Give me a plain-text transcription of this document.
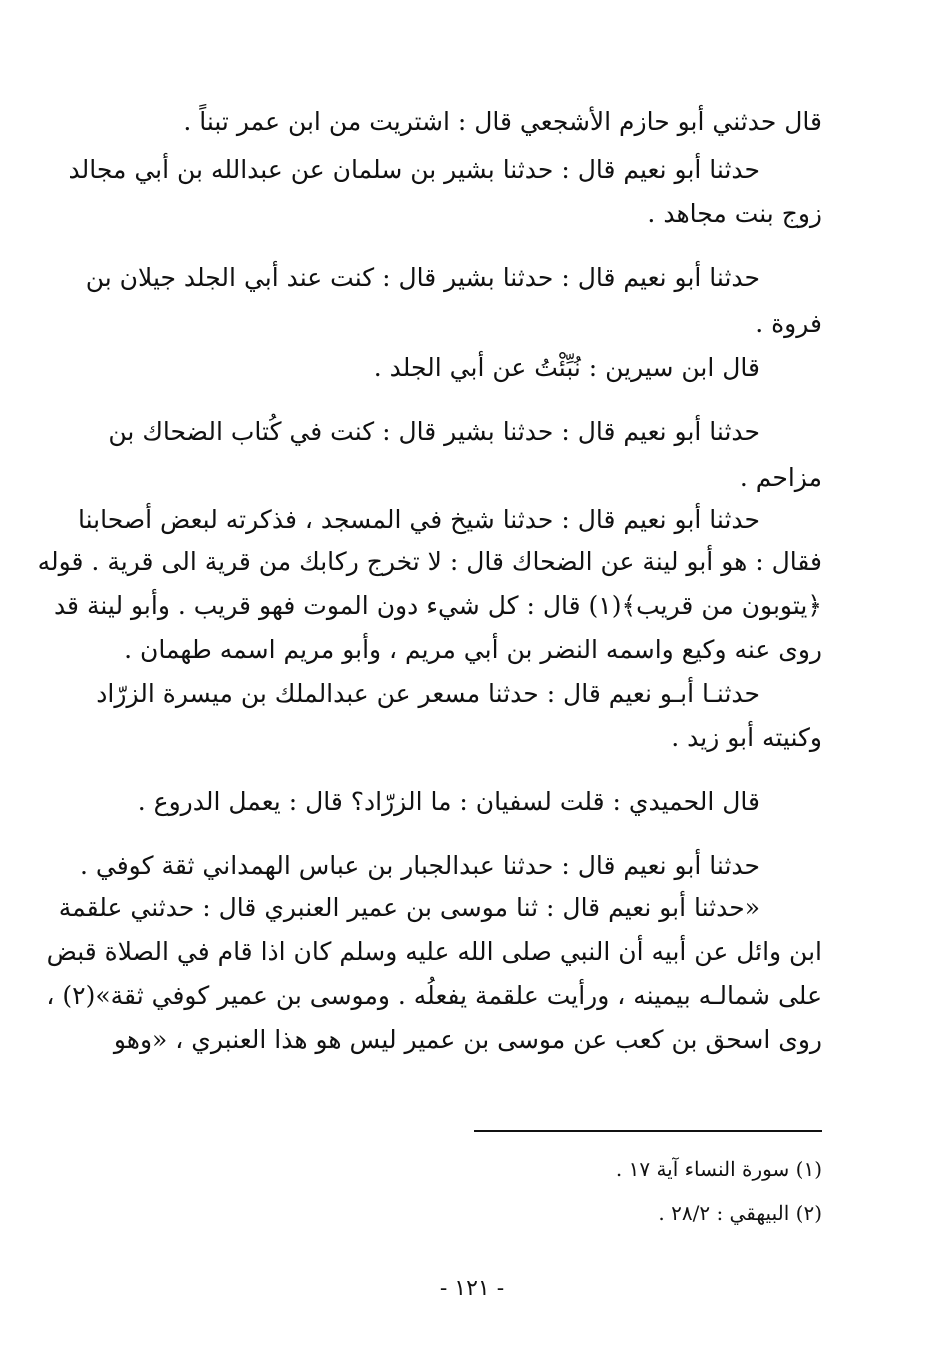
قال حدثني أبو حازم الأشجعي قال : اشتريت من ابن عمر تبناً .
حدثنا أبو نعيم قال : حدثنا بشير بن سلمان عن عبدالله بن أبي مجالد
زوج بنت مجاهد .
حدثنا أبو نعيم قال : حدثنا بشير قال : كنت عند أبي الجلد جيلان بن
فروة .
قال ابن سيرين : نُبِّئْتُ عن أبي الجلد .
حدثنا أبو نعيم قال : حدثنا بشير قال : كنت في كُتاب الضحاك بن
مزاحم .
حدثنا أبو نعيم قال : حدثنا شيخ في المسجد ، فذكرته لبعض أصحابنا
فقال : هو أبو لينة عن الضحاك قال : لا تخرج ركابك من قرية الى قرية . قوله
﴿يتوبون من قريب﴾(١) قال : كل شيء دون الموت فهو قريب . وأبو لينة قد
روى عنه وكيع واسمه النضر بن أبي مريم ، وأبو مريم اسمه طهمان .
حدثنـا أبـو نعيم قال : حدثنا مسعر عن عبدالملك بن ميسرة الزرّاد
وكنيته أبو زيد .
قال الحميدي : قلت لسفيان : ما الزرّاد؟ قال : يعمل الدروع .
حدثنا أبو نعيم قال : حدثنا عبدالجبار بن عباس الهمداني ثقة كوفي .
«حدثنا أبو نعيم قال : ثنا موسى بن عمير العنبري قال : حدثني علقمة
ابن وائل عن أبيه أن النبي صلى الله عليه وسلم كان اذا قام في الصلاة قبض
على شمالـه بيمينه ، ورأيت علقمة يفعلُه . وموسى بن عمير كوفي ثقة»(٢) ،
روى اسحق بن كعب عن موسى بن عمير ليس هو هذا العنبري ، «وهو
(١) سورة النساء آية ١٧ .
(٢) البيهقي : ٢٨/٢ .
- ١٢١ -
